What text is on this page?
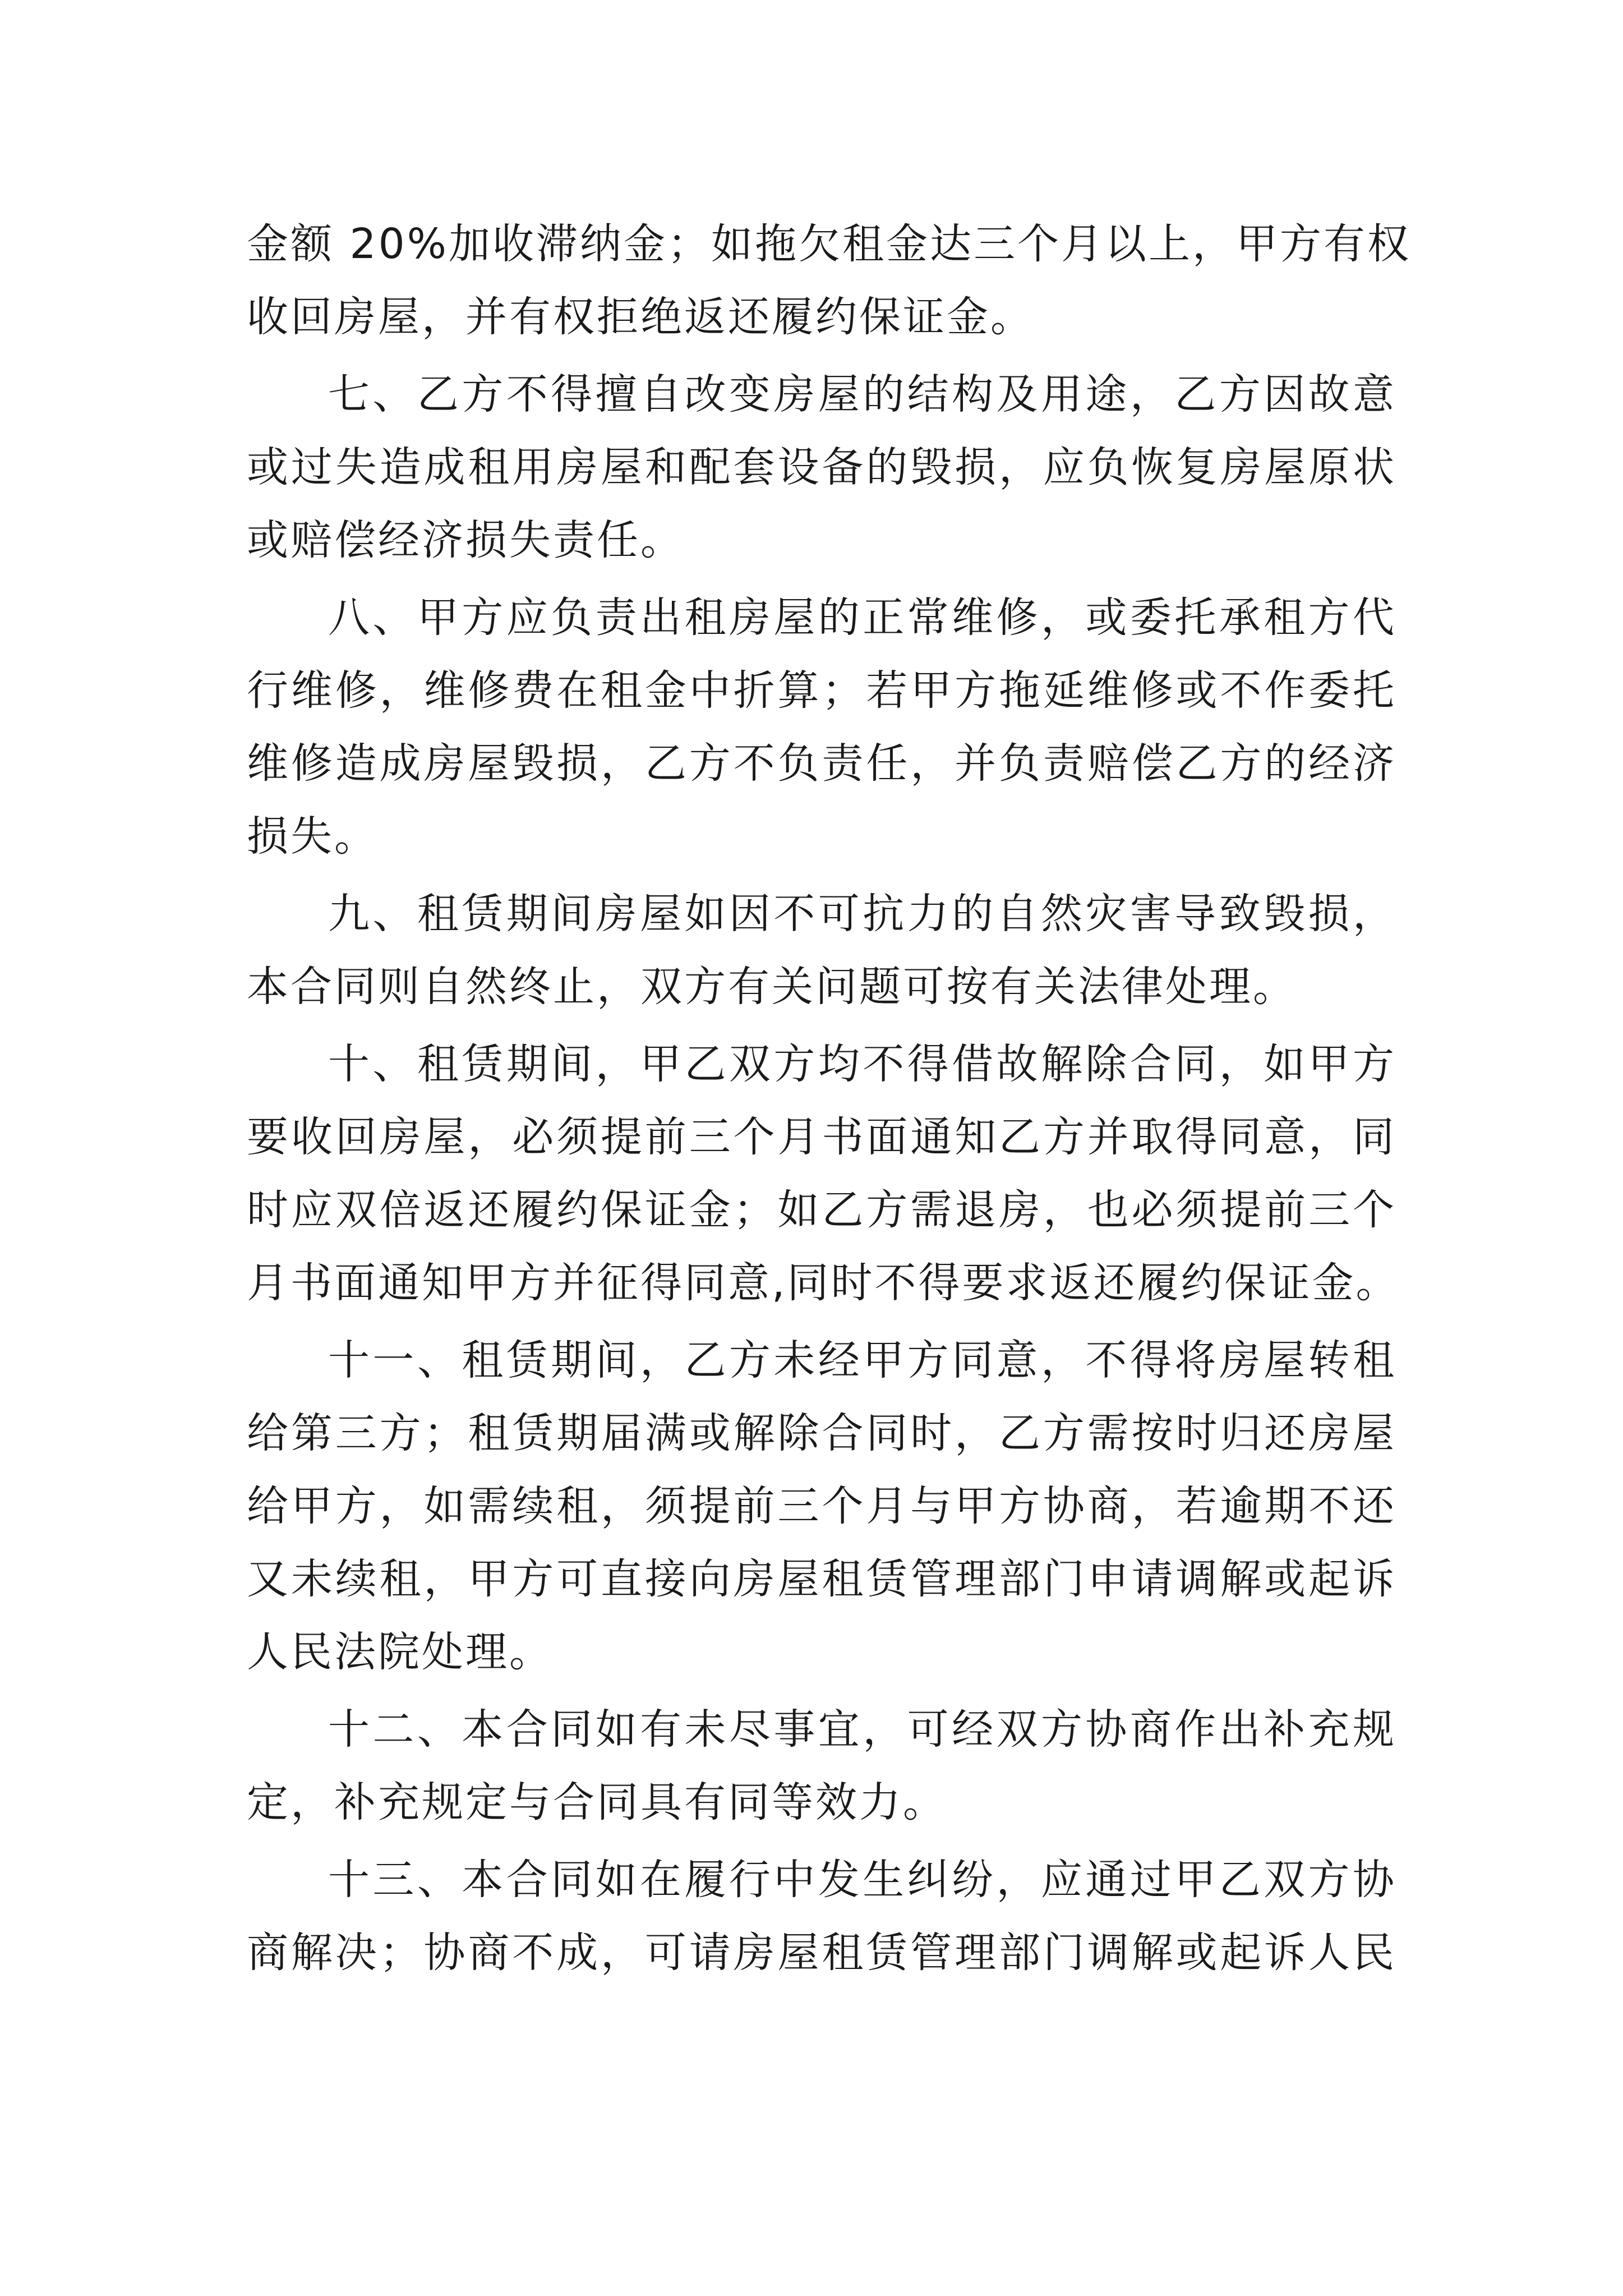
金额 20%加收滞纳金；如拖欠租金达三个月以上，甲方有权

收回房屋，并有权拒绝返还履约保证金。

七、乙方不得擅自改变房屋的结构及用途，乙方因故意

或过失造成租用房屋和配套设备的毁损，应负恢复房屋原状

或赔偿经济损失责任。

八、甲方应负责出租房屋的正常维修，或委托承租方代

行维修，维修费在租金中折算；若甲方拖延维修或不作委托

维修造成房屋毁损，乙方不负责任，并负责赔偿乙方的经济

损失。

九、租赁期间房屋如因不可抗力的自然灾害导致毁损，

本合同则自然终止，双方有关问题可按有关法律处理。

十、租赁期间，甲乙双方均不得借故解除合同，如甲方

要收回房屋，必须提前三个月书面通知乙方并取得同意，同

时应双倍返还履约保证金；如乙方需退房，也必须提前三个

月书面通知甲方并征得同意,同时不得要求返还履约保证金。

十一、租赁期间，乙方未经甲方同意，不得将房屋转租

给第三方；租赁期届满或解除合同时，乙方需按时归还房屋

给甲方，如需续租，须提前三个月与甲方协商，若逾期不还

又未续租，甲方可直接向房屋租赁管理部门申请调解或起诉

人民法院处理。

十二、本合同如有未尽事宜，可经双方协商作出补充规

定，补充规定与合同具有同等效力。

十三、本合同如在履行中发生纠纷，应通过甲乙双方协

商解决；协商不成，可请房屋租赁管理部门调解或起诉人民
